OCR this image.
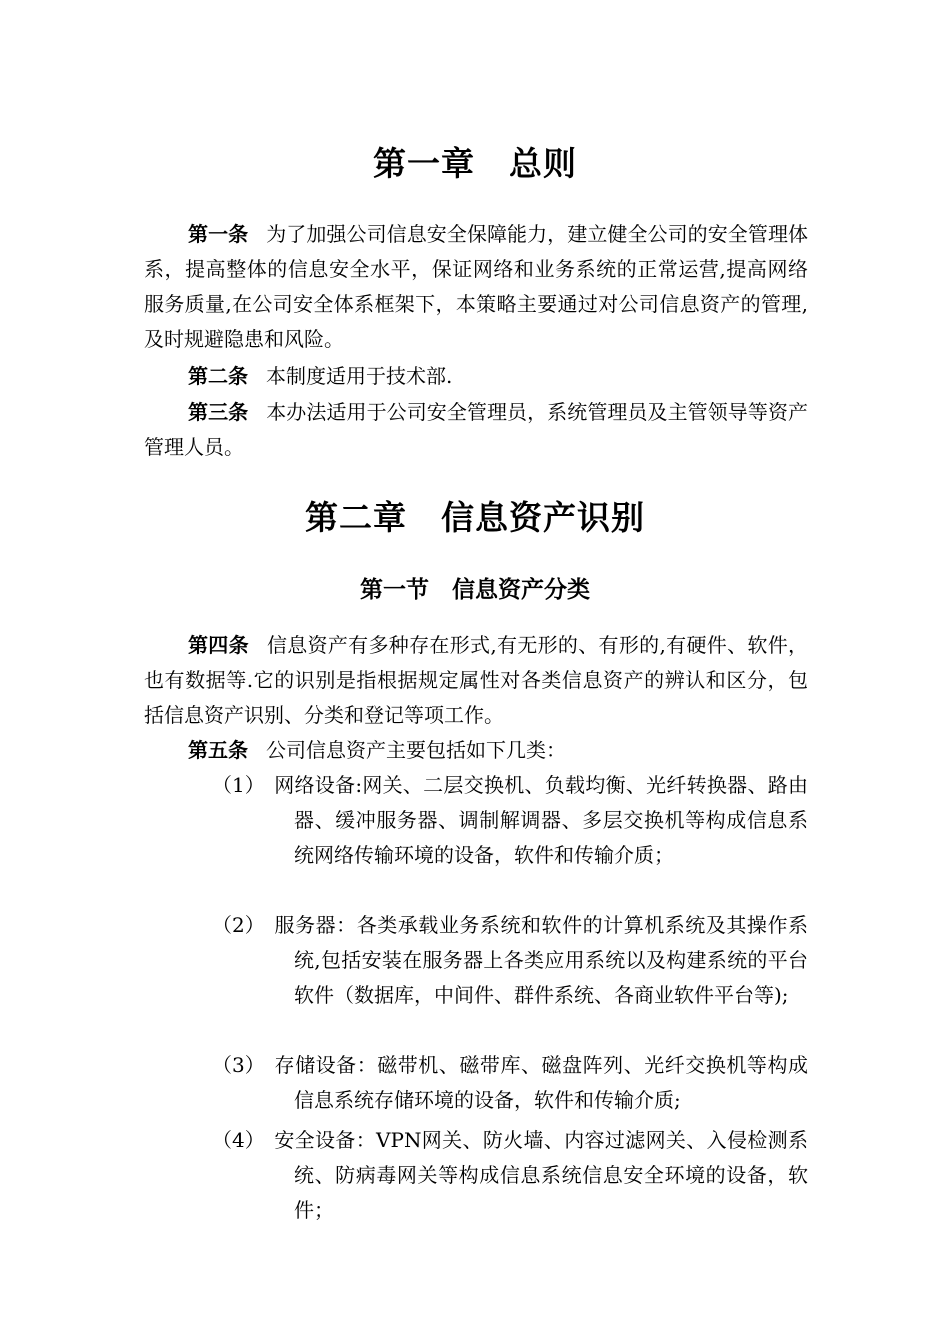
第一章　总则

第一条 为了加强公司信息安全保障能力，建立健全公司的安全管理体系，提高整体的信息安全水平，保证网络和业务系统的正常运营,提高网络服务质量,在公司安全体系框架下，本策略主要通过对公司信息资产的管理,及时规避隐患和风险。

第二条 本制度适用于技术部.

第三条 本办法适用于公司安全管理员，系统管理员及主管领导等资产管理人员。

第二章　信息资产识别
第一节　信息资产分类

第四条 信息资产有多种存在形式,有无形的、有形的,有硬件、软件，也有数据等.它的识别是指根据规定属性对各类信息资产的辨认和区分，包括信息资产识别、分类和登记等项工作。

第五条 公司信息资产主要包括如下几类：

（1） 网络设备:网关、二层交换机、负载均衡、光纤转换器、路由器、缓冲服务器、调制解调器、多层交换机等构成信息系统网络传输环境的设备，软件和传输介质；

（2） 服务器：各类承载业务系统和软件的计算机系统及其操作系统,包括安装在服务器上各类应用系统以及构建系统的平台软件（数据库，中间件、群件系统、各商业软件平台等);

（3） 存储设备：磁带机、磁带库、磁盘阵列、光纤交换机等构成信息系统存储环境的设备，软件和传输介质;

（4） 安全设备：VPN网关、防火墙、内容过滤网关、入侵检测系统、防病毒网关等构成信息系统信息安全环境的设备，软件；
